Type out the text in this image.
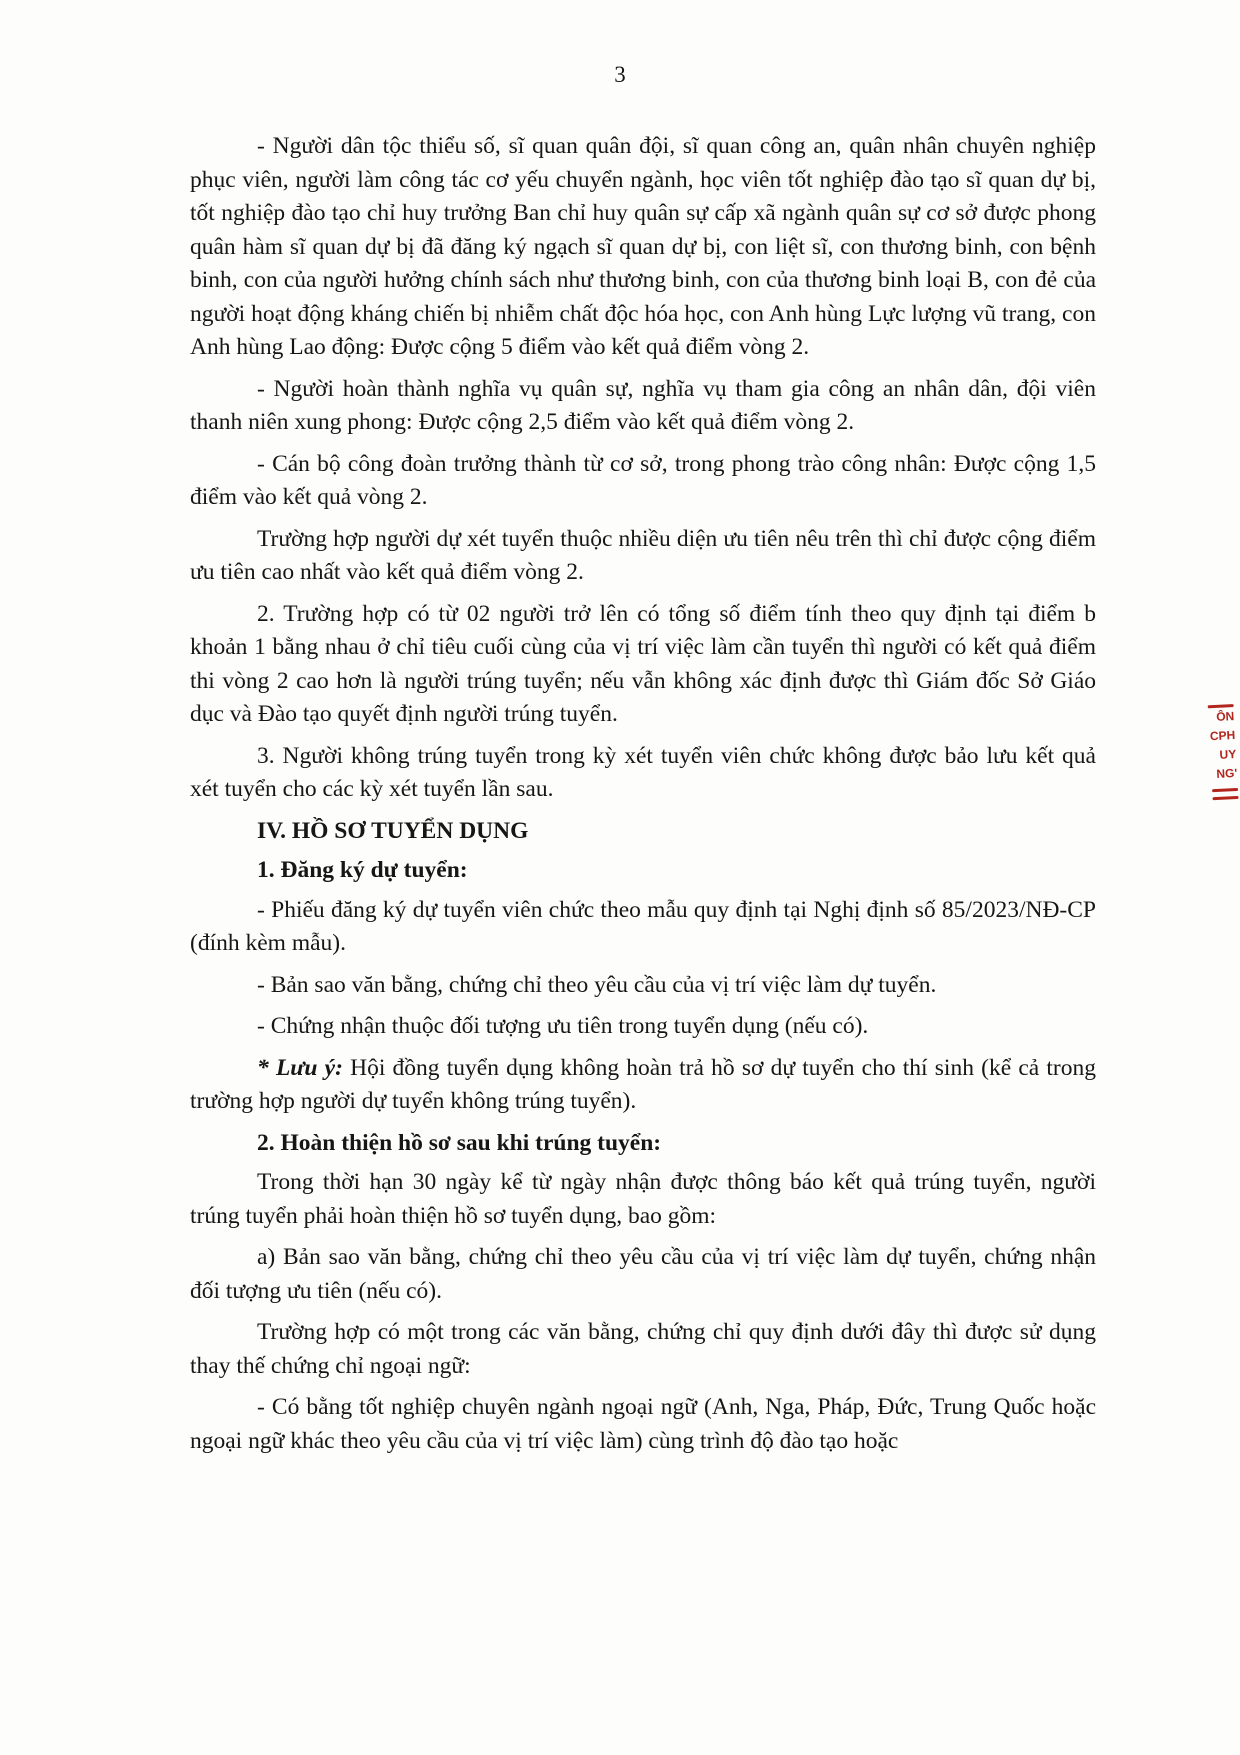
3

- Người dân tộc thiểu số, sĩ quan quân đội, sĩ quan công an, quân nhân chuyên nghiệp phục viên, người làm công tác cơ yếu chuyển ngành, học viên tốt nghiệp đào tạo sĩ quan dự bị, tốt nghiệp đào tạo chỉ huy trưởng Ban chỉ huy quân sự cấp xã ngành quân sự cơ sở được phong quân hàm sĩ quan dự bị đã đăng ký ngạch sĩ quan dự bị, con liệt sĩ, con thương binh, con bệnh binh, con của người hưởng chính sách như thương binh, con của thương binh loại B, con đẻ của người hoạt động kháng chiến bị nhiễm chất độc hóa học, con Anh hùng Lực lượng vũ trang, con Anh hùng Lao động: Được cộng 5 điểm vào kết quả điểm vòng 2.

- Người hoàn thành nghĩa vụ quân sự, nghĩa vụ tham gia công an nhân dân, đội viên thanh niên xung phong: Được cộng 2,5 điểm vào kết quả điểm vòng 2.

- Cán bộ công đoàn trưởng thành từ cơ sở, trong phong trào công nhân: Được cộng 1,5 điểm vào kết quả vòng 2.

Trường hợp người dự xét tuyển thuộc nhiều diện ưu tiên nêu trên thì chỉ được cộng điểm ưu tiên cao nhất vào kết quả điểm vòng 2.

2. Trường hợp có từ 02 người trở lên có tổng số điểm tính theo quy định tại điểm b khoản 1 bằng nhau ở chỉ tiêu cuối cùng của vị trí việc làm cần tuyển thì người có kết quả điểm thi vòng 2 cao hơn là người trúng tuyển; nếu vẫn không xác định được thì Giám đốc Sở Giáo dục và Đào tạo quyết định người trúng tuyển.

3. Người không trúng tuyển trong kỳ xét tuyển viên chức không được bảo lưu kết quả xét tuyển cho các kỳ xét tuyển lần sau.

IV. HỒ SƠ TUYỂN DỤNG

1. Đăng ký dự tuyển:

- Phiếu đăng ký dự tuyển viên chức theo mẫu quy định tại Nghị định số 85/2023/NĐ-CP (đính kèm mẫu).

- Bản sao văn bằng, chứng chỉ theo yêu cầu của vị trí việc làm dự tuyển.

- Chứng nhận thuộc đối tượng ưu tiên trong tuyển dụng (nếu có).

* Lưu ý: Hội đồng tuyển dụng không hoàn trả hồ sơ dự tuyển cho thí sinh (kể cả trong trường hợp người dự tuyển không trúng tuyển).

2. Hoàn thiện hồ sơ sau khi trúng tuyển:

Trong thời hạn 30 ngày kể từ ngày nhận được thông báo kết quả trúng tuyển, người trúng tuyển phải hoàn thiện hồ sơ tuyển dụng, bao gồm:

a) Bản sao văn bằng, chứng chỉ theo yêu cầu của vị trí việc làm dự tuyển, chứng nhận đối tượng ưu tiên (nếu có).

Trường hợp có một trong các văn bằng, chứng chỉ quy định dưới đây thì được sử dụng thay thế chứng chỉ ngoại ngữ:

- Có bằng tốt nghiệp chuyên ngành ngoại ngữ (Anh, Nga, Pháp, Đức, Trung Quốc hoặc ngoại ngữ khác theo yêu cầu của vị trí việc làm) cùng trình độ đào tạo hoặc

ÔN
CPH
UY
NG'
